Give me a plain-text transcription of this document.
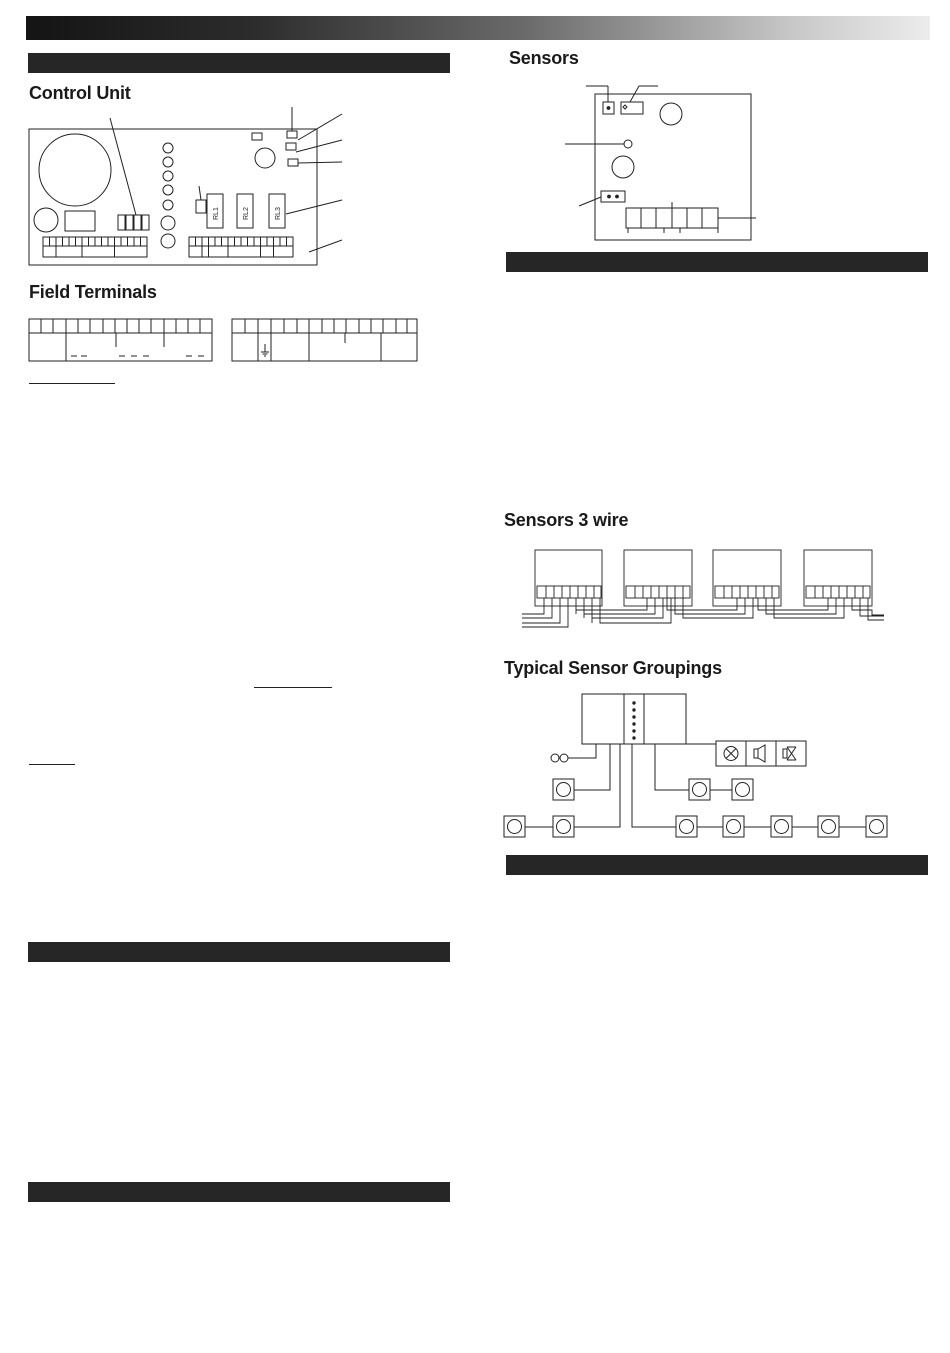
Control Unit
Field Terminals
Sensors
Sensors 3 wire
Typical Sensor Groupings
RL1	RL2	RL3
